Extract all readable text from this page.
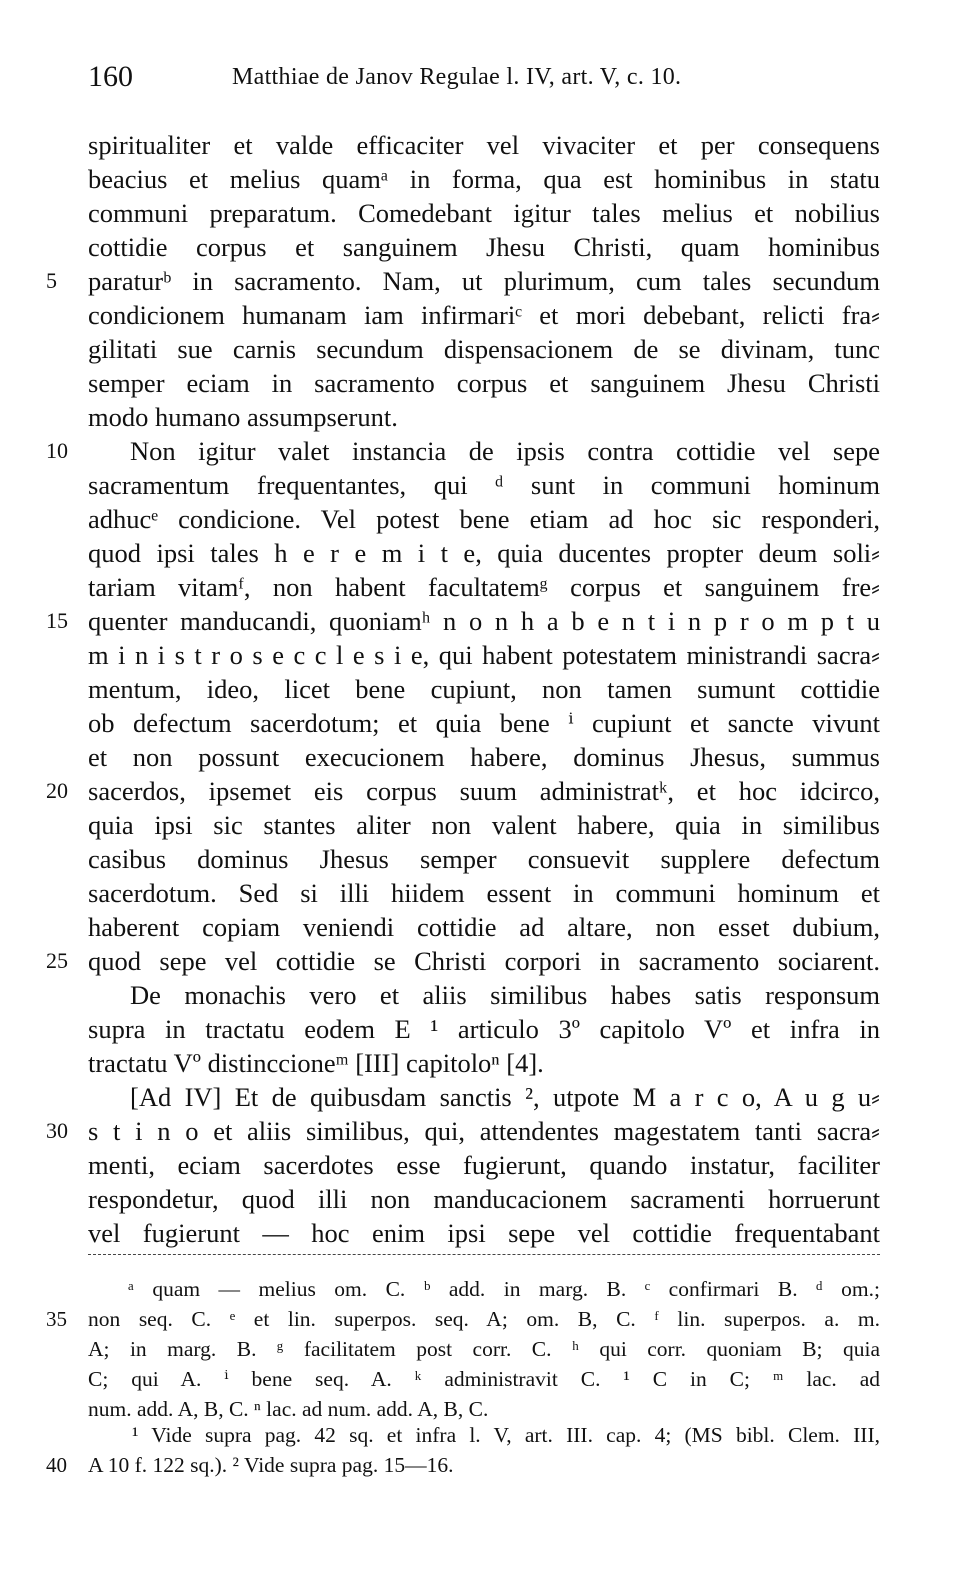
160	Matthiae de Janov Regulae l. IV, art. V, c. 10.
spiritualiter et valde efficaciter vel vivaciter et per consequens
beacius et melius quamᵃ in forma, qua est hominibus in statu
communi preparatum. Comedebant igitur tales melius et nobilius
cottidie corpus et sanguinem Jhesu Christi, quam hominibus
paraturᵇ in sacramento. Nam, ut plurimum, cum tales secundum
condicionem humanam iam infirmariᶜ et mori debebant, relicti fra⸗
gilitati sue carnis secundum dispensacionem de se divinam, tunc
semper eciam in sacramento corpus et sanguinem Jhesu Christi
modo humano assumpserunt.
Non igitur valet instancia de ipsis contra cottidie vel sepe
sacramentum frequentantes, qui ᵈ sunt in communi hominum
adhucᵉ condicione. Vel potest bene etiam ad hoc sic responderi,
quod ipsi tales h e r e m i t e, quia ducentes propter deum soli⸗
tariam vitamᶠ, non habent facultatemᵍ corpus et sanguinem fre⸗
quenter manducandi, quoniamʰ n o n h a b e n t i n p r o m p t u
m i n i s t r o s e c c l e s i e, qui habent potestatem ministrandi sacra⸗
mentum, ideo, licet bene cupiunt, non tamen sumunt cottidie
ob defectum sacerdotum; et quia bene ⁱ cupiunt et sancte vivunt
et non possunt execucionem habere, dominus Jhesus, summus
sacerdos, ipsemet eis corpus suum administratᵏ, et hoc idcirco,
quia ipsi sic stantes aliter non valent habere, quia in similibus
casibus dominus Jhesus semper consuevit supplere defectum
sacerdotum. Sed si illi hiidem essent in communi hominum et
haberent copiam veniendi cottidie ad altare, non esset dubium,
quod sepe vel cottidie se Christi corpori in sacramento sociarent.
De monachis vero et aliis similibus habes satis responsum
supra in tractatu eodem E ¹ articulo 3º capitolo Vº et infra in
tractatu Vº distinccioneᵐ [III] capitoloⁿ [4].
[Ad IV] Et de quibusdam sanctis ², utpote M a r c o, A u g u⸗
s t i n o et aliis similibus, qui, attendentes magestatem tanti sacra⸗
menti, eciam sacerdotes esse fugierunt, quando instatur, faciliter
respondetur, quod illi non manducacionem sacramenti horruerunt
vel fugierunt — hoc enim ipsi sepe vel cottidie frequentabant
5
10
15
20
25
30
35
40
ᵃ quam — melius om. C. ᵇ add. in marg. B. ᶜ confirmari B. ᵈ om.;
non seq. C. ᵉ et lin. superpos. seq. A; om. B, C. ᶠ lin. superpos. a. m.
A; in marg. B. ᵍ facilitatem post corr. C. ʰ qui corr. quoniam B; quia
C; qui A. ⁱ bene seq. A. ᵏ administravit C. ¹ C in C; ᵐ lac. ad
num. add. A, B, C. ⁿ lac. ad num. add. A, B, C.
¹ Vide supra pag. 42 sq. et infra l. V, art. III. cap. 4; (MS bibl. Clem. III,
A 10 f. 122 sq.). ² Vide supra pag. 15—16.
